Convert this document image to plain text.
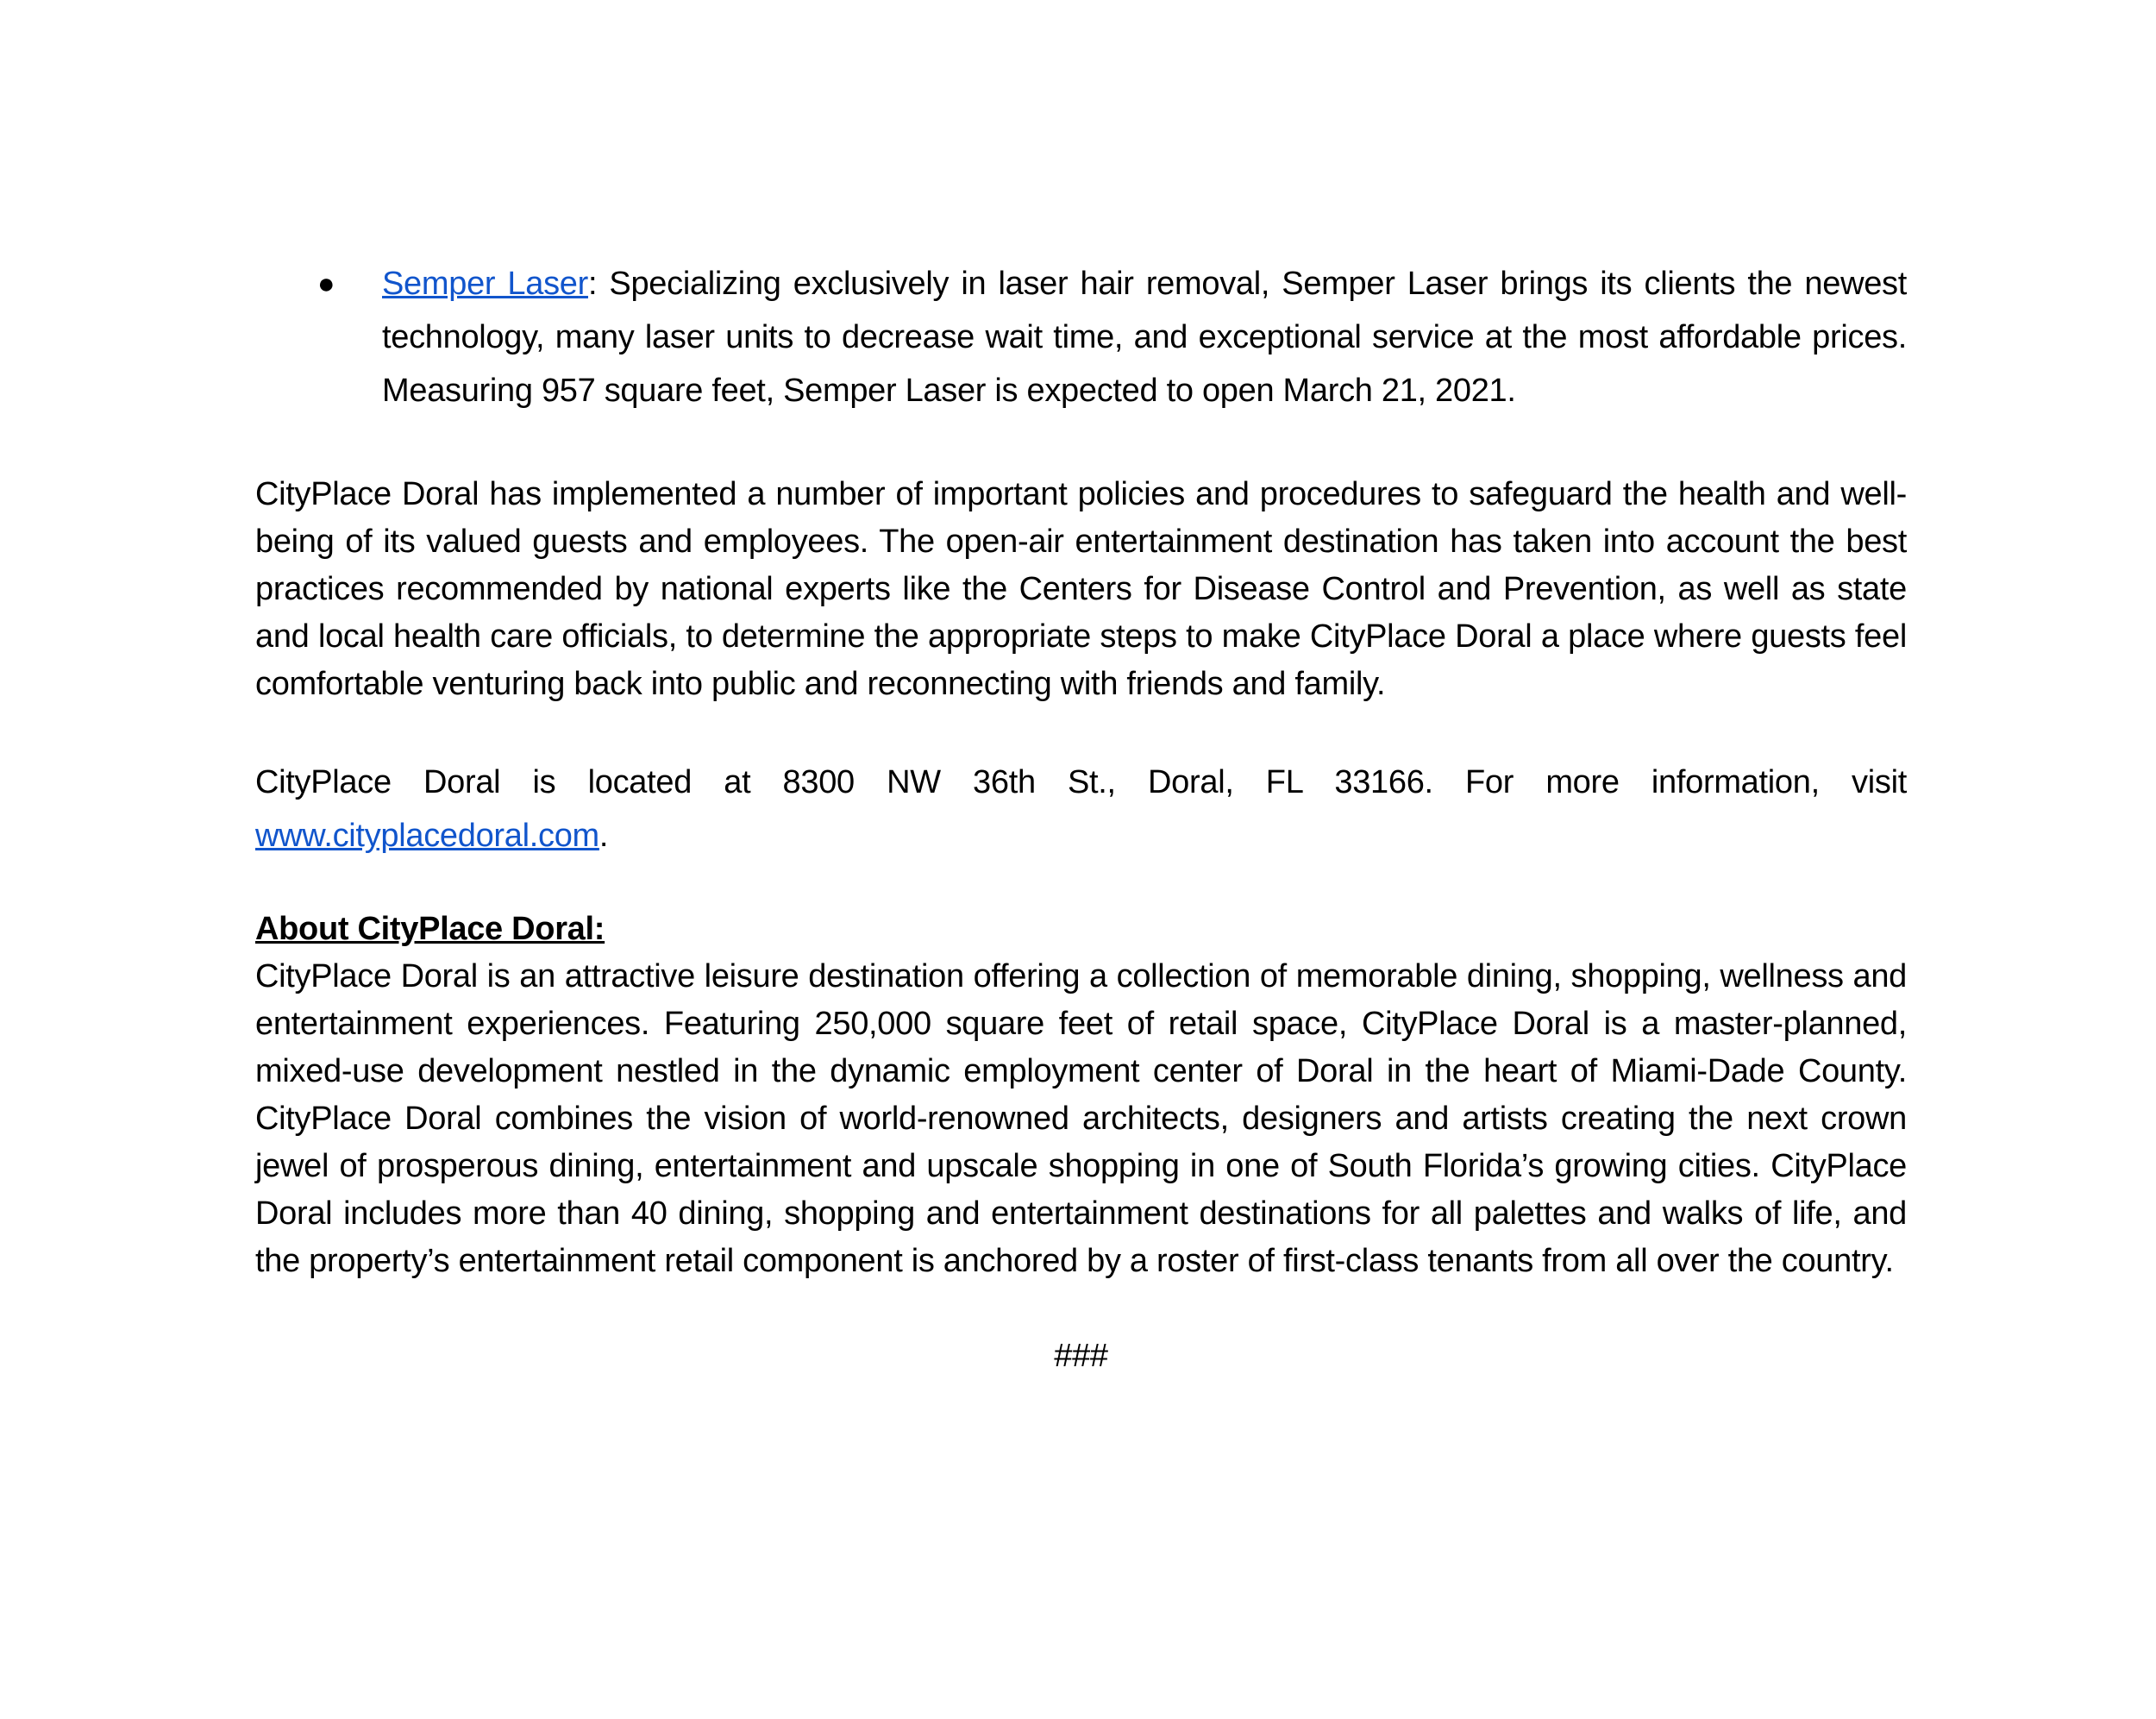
● Semper Laser: Specializing exclusively in laser hair removal, Semper Laser brings its clients the newest technology, many laser units to decrease wait time, and exceptional service at the most affordable prices. Measuring 957 square feet, Semper Laser is expected to open March 21, 2021.

CityPlace Doral has implemented a number of important policies and procedures to safeguard the health and well-being of its valued guests and employees. The open-air entertainment destination has taken into account the best practices recommended by national experts like the Centers for Disease Control and Prevention, as well as state and local health care officials, to determine the appropriate steps to make CityPlace Doral a place where guests feel comfortable venturing back into public and reconnecting with friends and family.

CityPlace Doral is located at 8300 NW 36th St., Doral, FL 33166. For more information, visit www.cityplacedoral.com.

About CityPlace Doral:

CityPlace Doral is an attractive leisure destination offering a collection of memorable dining, shopping, wellness and entertainment experiences. Featuring 250,000 square feet of retail space, CityPlace Doral is a master-planned, mixed-use development nestled in the dynamic employment center of Doral in the heart of Miami-Dade County. CityPlace Doral combines the vision of world-renowned architects, designers and artists creating the next crown jewel of prosperous dining, entertainment and upscale shopping in one of South Florida’s growing cities. CityPlace Doral includes more than 40 dining, shopping and entertainment destinations for all palettes and walks of life, and the property’s entertainment retail component is anchored by a roster of first-class tenants from all over the country.

###
